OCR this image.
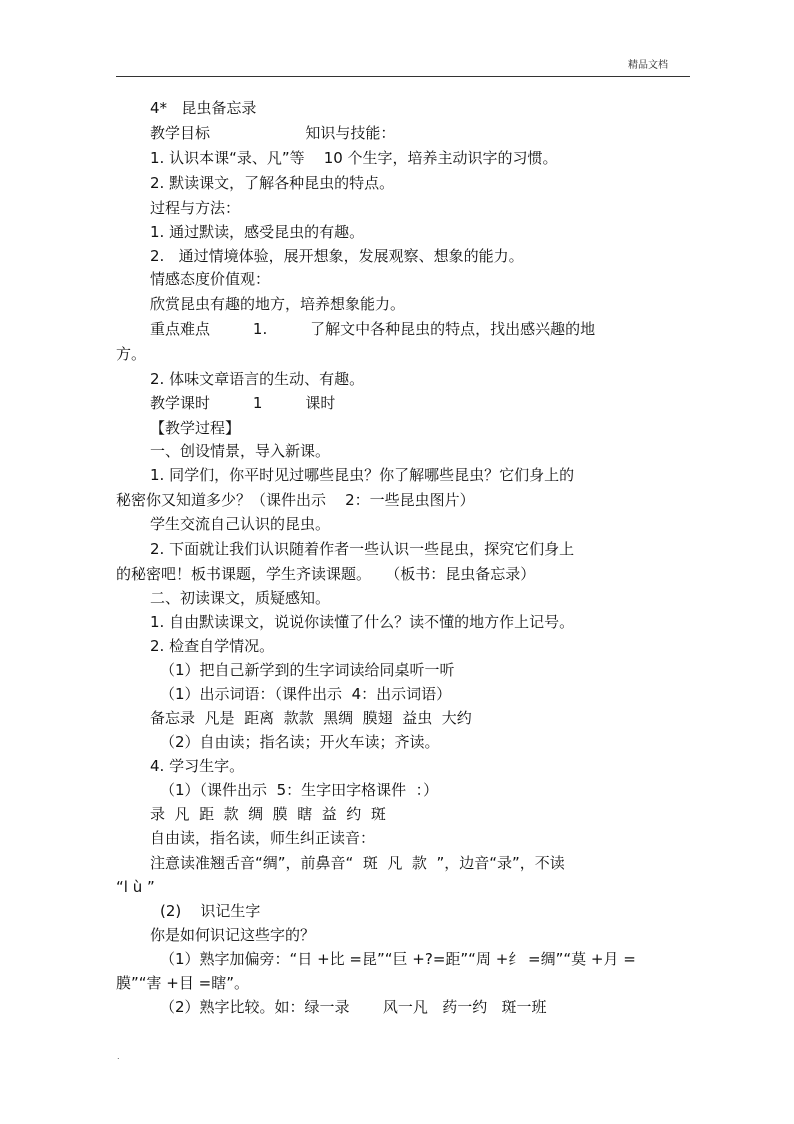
精品文档
4*   昆虫备忘录
教学目标                    知识与技能：
1. 认识本课“录、凡”等    10 个生字，培养主动识字的习惯。
2. 默读课文，了解各种昆虫的特点。
过程与方法：
1. 通过默读，感受昆虫的有趣。
2.   通过情境体验，展开想象，发展观察、想象的能力。
情感态度价值观：
欣赏昆虫有趣的地方，培养想象能力。
重点难点         1.         了解文中各种昆虫的特点，找出感兴趣的地
方。
2. 体味文章语言的生动、有趣。
教学课时         1         课时
【教学过程】
一、创设情景，导入新课。
1. 同学们，你平时见过哪些昆虫？你了解哪些昆虫？它们身上的
秘密你又知道多少？（课件出示    2：一些昆虫图片）
学生交流自己认识的昆虫。
2. 下面就让我们认识随着作者一些认识一些昆虫，探究它们身上
的秘密吧！板书课题，学生齐读课题。   （板书：昆虫备忘录）
二、初读课文，质疑感知。
1. 自由默读课文，说说你读懂了什么？读不懂的地方作上记号。
2. 检查自学情况。
（1）把自己新学到的生字词读给同桌听一听
（1）出示词语：（课件出示  4：出示词语）
备忘录  凡是  距离  款款  黑绸  膜翅  益虫  大约
（2）自由读；指名读；开火车读；齐读。
4. 学习生字。
（1）（课件出示  5：生字田字格课件  ：）
录  凡  距  款  绸  膜  瞎  益  约  斑
自由读，指名读，师生纠正读音：
注意读准翘舌音“绸”，前鼻音“  斑  凡  款  ”，边音“录”，不读
“l ù ”
(2)    识记生字
你是如何识记这些字的？
（1）熟字加偏旁：“日 +比 =昆”“巨 +?=距”“周 +纟 =绸”“莫 +月 =
膜”“害 +目 =瞎”。
（2）熟字比较。如：绿一录       风一凡   药一约   斑一班
.
